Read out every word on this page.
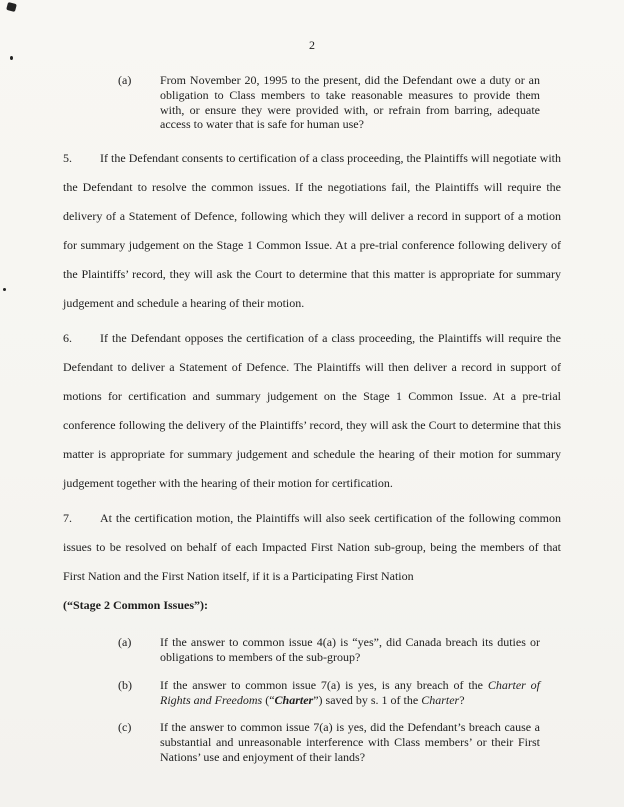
2
(a) From November 20, 1995 to the present, did the Defendant owe a duty or an obligation to Class members to take reasonable measures to provide them with, or ensure they were provided with, or refrain from barring, adequate access to water that is safe for human use?

5. If the Defendant consents to certification of a class proceeding, the Plaintiffs will negotiate with the Defendant to resolve the common issues. If the negotiations fail, the Plaintiffs will require the delivery of a Statement of Defence, following which they will deliver a record in support of a motion for summary judgement on the Stage 1 Common Issue. At a pre-trial conference following delivery of the Plaintiffs’ record, they will ask the Court to determine that this matter is appropriate for summary judgement and schedule a hearing of their motion.

6. If the Defendant opposes the certification of a class proceeding, the Plaintiffs will require the Defendant to deliver a Statement of Defence. The Plaintiffs will then deliver a record in support of motions for certification and summary judgement on the Stage 1 Common Issue. At a pre-trial conference following the delivery of the Plaintiffs’ record, they will ask the Court to determine that this matter is appropriate for summary judgement and schedule the hearing of their motion for summary judgement together with the hearing of their motion for certification.

7. At the certification motion, the Plaintiffs will also seek certification of the following common issues to be resolved on behalf of each Impacted First Nation sub-group, being the members of that First Nation and the First Nation itself, if it is a Participating First Nation

(“Stage 2 Common Issues”):
(a) If the answer to common issue 4(a) is “yes”, did Canada breach its duties or obligations to members of the sub-group?
(b) If the answer to common issue 7(a) is yes, is any breach of the Charter of Rights and Freedoms (“Charter”) saved by s. 1 of the Charter?
(c) If the answer to common issue 7(a) is yes, did the Defendant’s breach cause a substantial and unreasonable interference with Class members’ or their First Nations’ use and enjoyment of their lands?
